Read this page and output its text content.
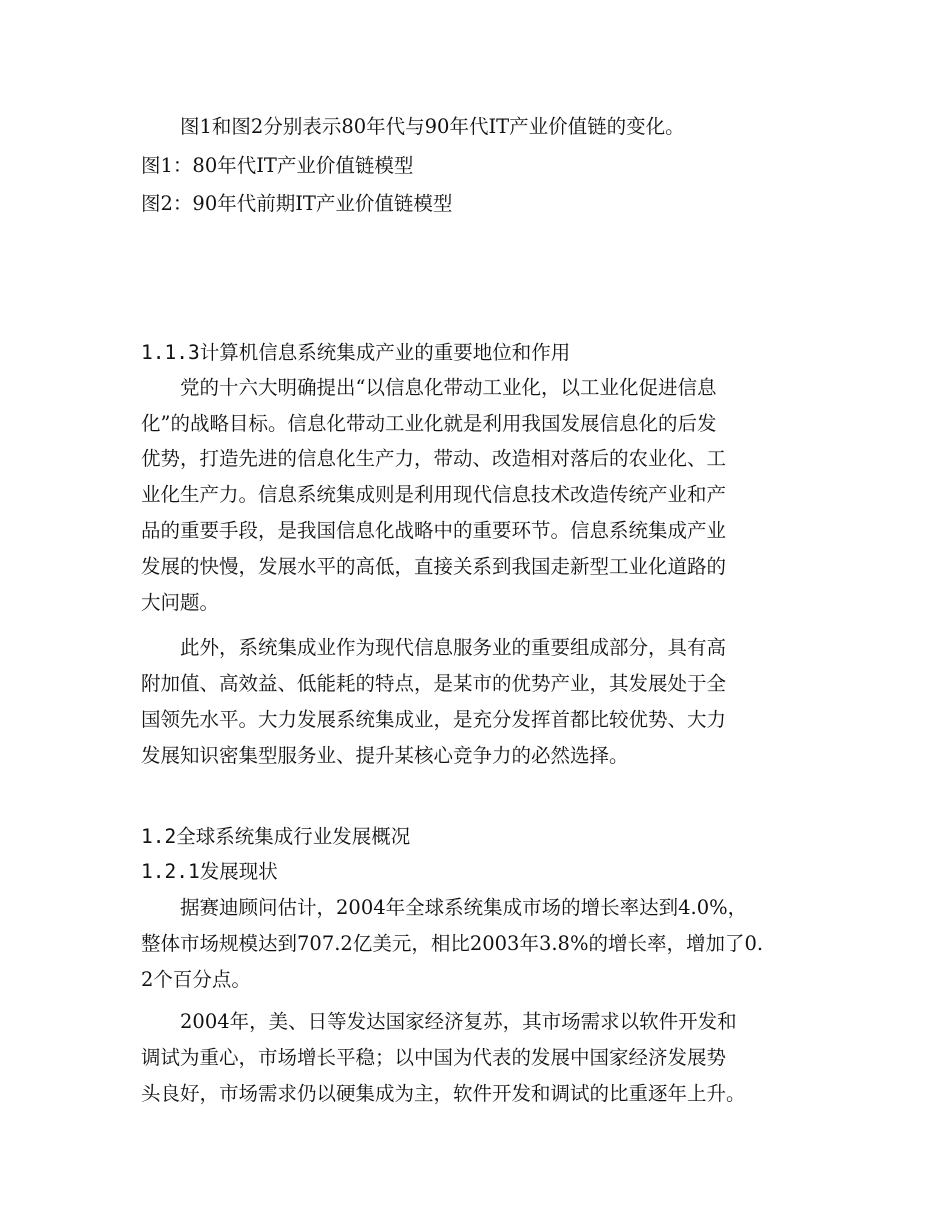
图1和图2分别表示80年代与90年代IT产业价值链的变化。
图1：80年代IT产业价值链模型
图2：90年代前期IT产业价值链模型
1.1.3计算机信息系统集成产业的重要地位和作用
党的十六大明确提出“以信息化带动工业化，以工业化促进信息
化”的战略目标。信息化带动工业化就是利用我国发展信息化的后发
优势，打造先进的信息化生产力，带动、改造相对落后的农业化、工
业化生产力。信息系统集成则是利用现代信息技术改造传统产业和产
品的重要手段，是我国信息化战略中的重要环节。信息系统集成产业
发展的快慢，发展水平的高低，直接关系到我国走新型工业化道路的
大问题。
此外，系统集成业作为现代信息服务业的重要组成部分，具有高
附加值、高效益、低能耗的特点，是某市的优势产业，其发展处于全
国领先水平。大力发展系统集成业，是充分发挥首都比较优势、大力
发展知识密集型服务业、提升某核心竞争力的必然选择。
1.2全球系统集成行业发展概况
1.2.1发展现状
据赛迪顾问估计，2004年全球系统集成市场的增长率达到4.0%，
整体市场规模达到707.2亿美元，相比2003年3.8%的增长率，增加了0.
2个百分点。
2004年，美、日等发达国家经济复苏，其市场需求以软件开发和
调试为重心，市场增长平稳；以中国为代表的发展中国家经济发展势
头良好，市场需求仍以硬集成为主，软件开发和调试的比重逐年上升。
